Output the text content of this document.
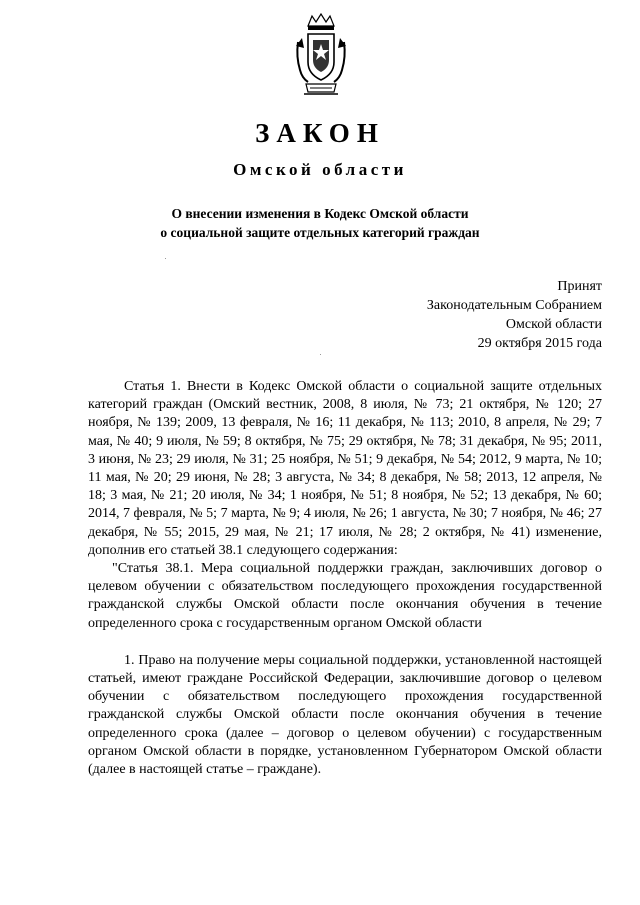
ЗАКОН
Омской области
О внесении изменения в Кодекс Омской области
о социальной защите отдельных категорий граждан
Принят
Законодательным Собранием
Омской области
29 октября 2015 года

Статья 1. Внести в Кодекс Омской области о социальной защите отдельных категорий граждан (Омский вестник, 2008, 8 июля, № 73; 21 октября, № 120; 27 ноября, № 139; 2009, 13 февраля, № 16; 11 декабря, № 113; 2010, 8 апреля, № 29; 7 мая, № 40; 9 июля, № 59; 8 октября, № 75; 29 октября, № 78; 31 декабря, № 95; 2011, 3 июня, № 23; 29 июля, № 31; 25 ноября, № 51; 9 декабря, № 54; 2012, 9 марта, № 10; 11 мая, № 20; 29 июня, № 28; 3 августа, № 34; 8 декабря, № 58; 2013, 12 апреля, № 18; 3 мая, № 21; 20 июля, № 34; 1 ноября, № 51; 8 ноября, № 52; 13 декабря, № 60; 2014, 7 февраля, № 5; 7 марта, № 9; 4 июля, № 26; 1 августа, № 30; 7 ноября, № 46; 27 декабря, № 55; 2015, 29 мая, № 21; 17 июля, № 28; 2 октября, № 41) изменение, дополнив его статьей 38.1 следующего содержания:

"Статья 38.1. Мера социальной поддержки граждан, заключивших договор о целевом обучении с обязательством последующего прохождения государственной гражданской службы Омской области после окончания обучения в течение определенного срока с государственным органом Омской области

1. Право на получение меры социальной поддержки, установленной настоящей статьей, имеют граждане Российской Федерации, заключившие договор о целевом обучении с обязательством последующего прохождения государственной гражданской службы Омской области после окончания обучения в течение определенного срока (далее – договор о целевом обучении) с государственным органом Омской области в порядке, установленном Губернатором Омской области (далее в настоящей статье – граждане).
